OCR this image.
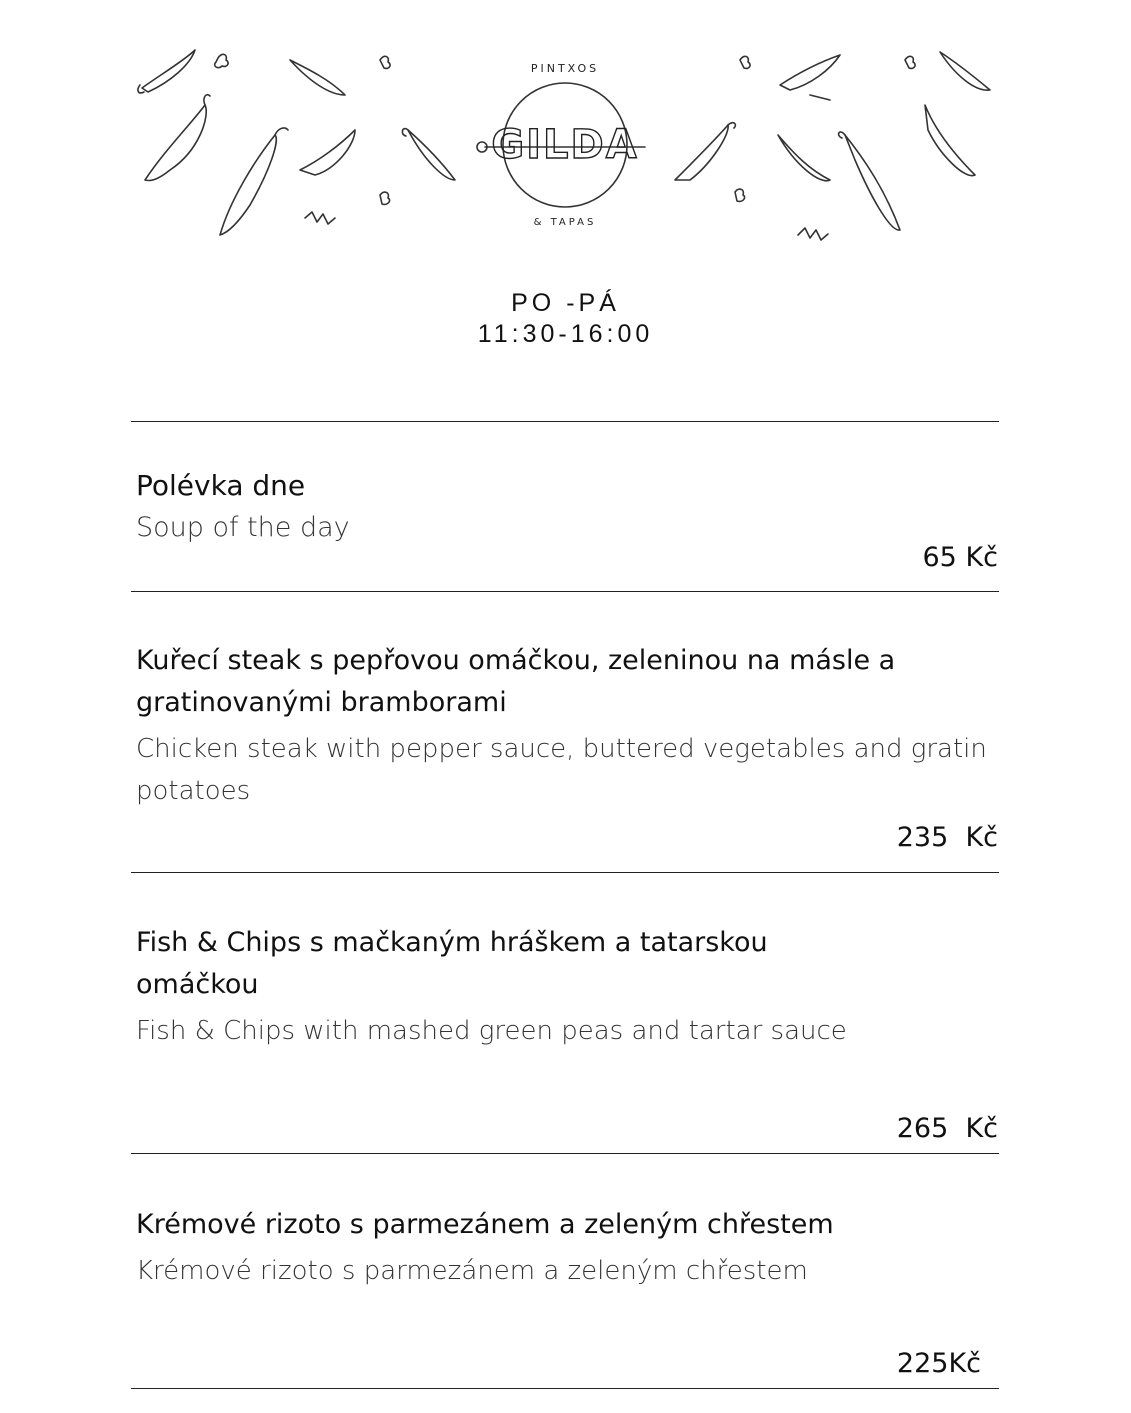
PINTXOS
GILDA
& TAPAS
PO -PÁ
11:30-16:00

Polévka dne

Soup of the day

65 Kč

Kuřecí steak s pepřovou omáčkou, zeleninou na másle a gratinovanými bramborami

Chicken steak with pepper sauce, buttered vegetables and gratin potatoes

235  Kč

Fish & Chips s mačkaným hráškem a tatarskou omáčkou

Fish & Chips with mashed green peas and tartar sauce

265  Kč

Krémové rizoto s parmezánem a zeleným chřestem

Krémové rizoto s parmezánem a zeleným chřestem

225Kč
